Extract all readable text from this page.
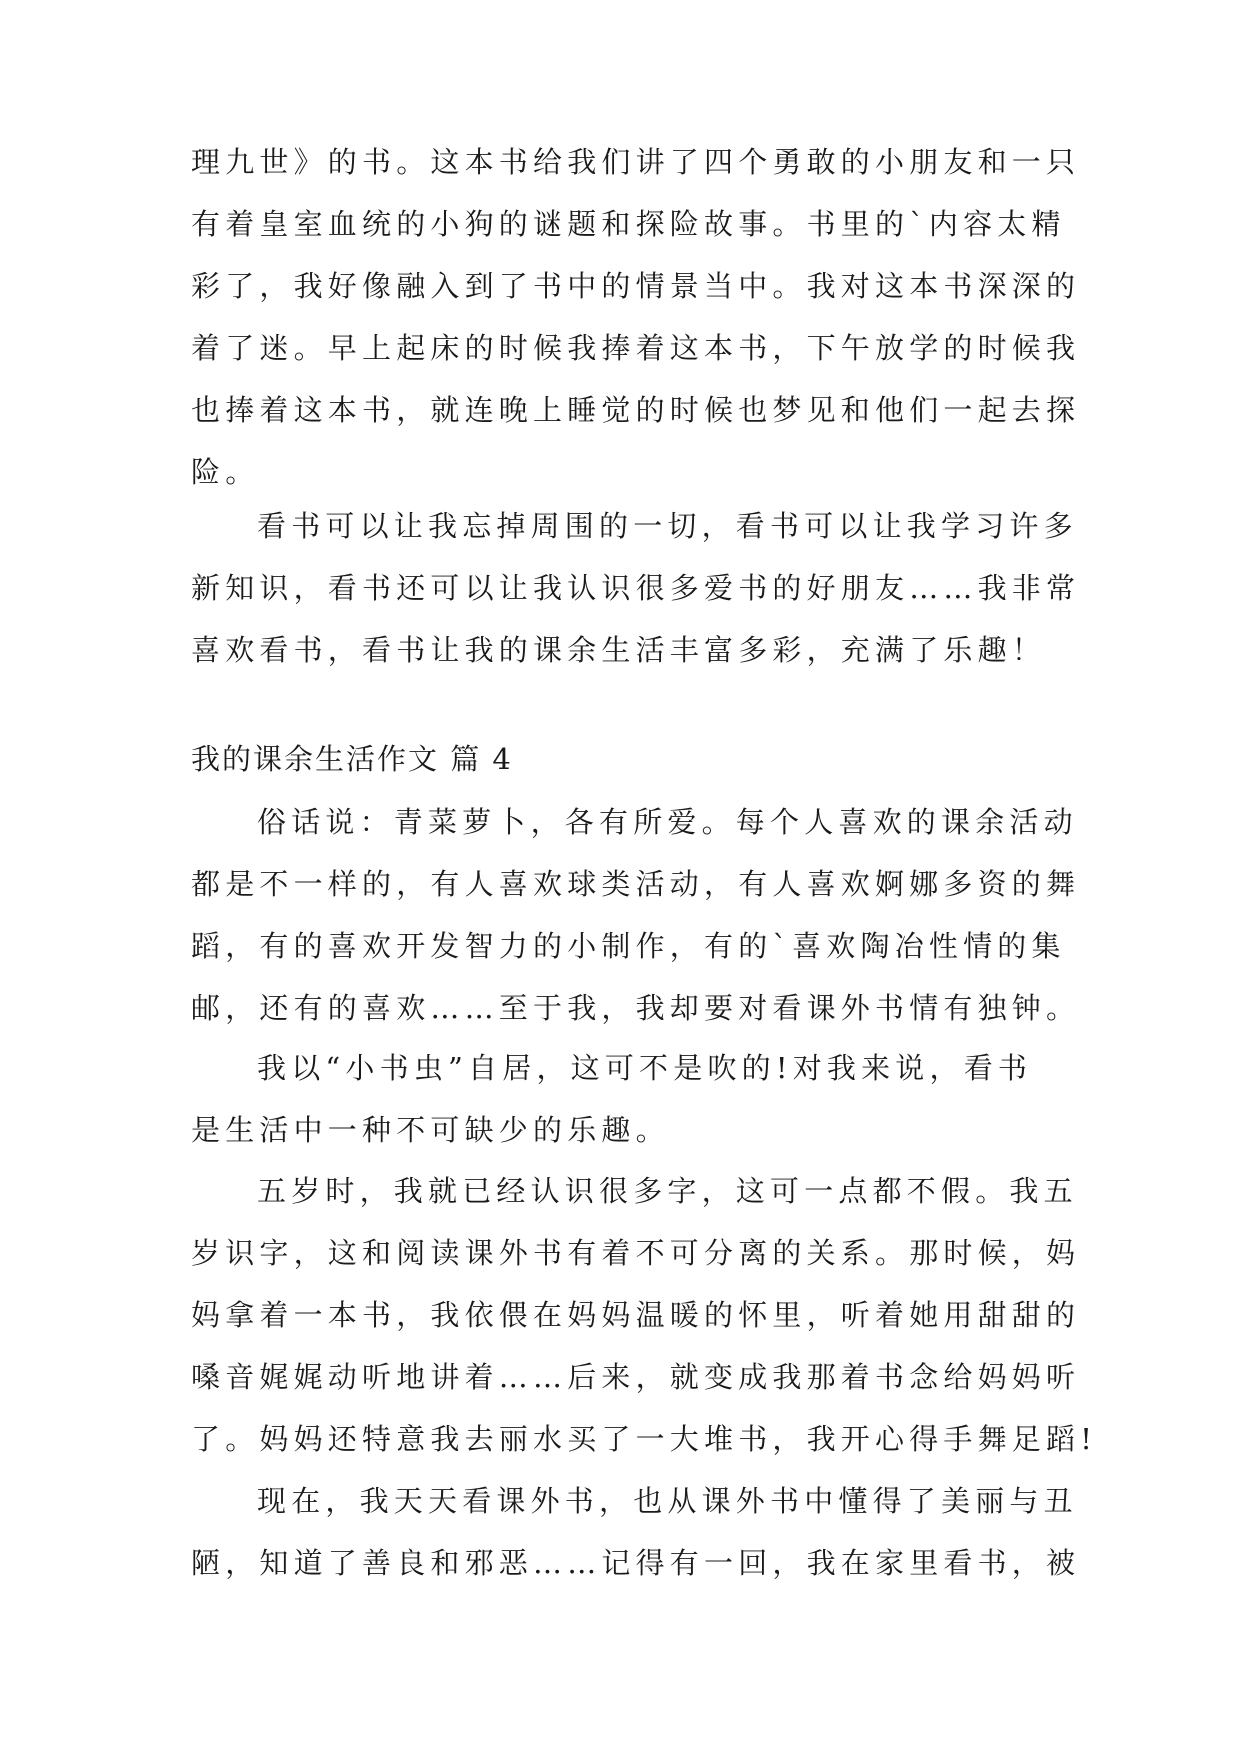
理九世》的书。这本书给我们讲了四个勇敢的小朋友和一只
有着皇室血统的小狗的谜题和探险故事。书里的`内容太精
彩了，我好像融入到了书中的情景当中。我对这本书深深的
着了迷。早上起床的时候我捧着这本书，下午放学的时候我
也捧着这本书，就连晚上睡觉的时候也梦见和他们一起去探
险。
看书可以让我忘掉周围的一切，看书可以让我学习许多
新知识，看书还可以让我认识很多爱书的好朋友……我非常
喜欢看书，看书让我的课余生活丰富多彩，充满了乐趣！
我的课余生活作文 篇 4
俗话说：青菜萝卜，各有所爱。每个人喜欢的课余活动
都是不一样的，有人喜欢球类活动，有人喜欢婀娜多资的舞
蹈，有的喜欢开发智力的小制作，有的`喜欢陶冶性情的集
邮，还有的喜欢……至于我，我却要对看课外书情有独钟。
我以“小书虫”自居，这可不是吹的!对我来说，看书
是生活中一种不可缺少的乐趣。
五岁时，我就已经认识很多字，这可一点都不假。我五
岁识字，这和阅读课外书有着不可分离的关系。那时候，妈
妈拿着一本书，我依偎在妈妈温暖的怀里，听着她用甜甜的
嗓音娓娓动听地讲着……后来，就变成我那着书念给妈妈听
了。妈妈还特意我去丽水买了一大堆书，我开心得手舞足蹈!
现在，我天天看课外书，也从课外书中懂得了美丽与丑
陋，知道了善良和邪恶……记得有一回，我在家里看书，被
